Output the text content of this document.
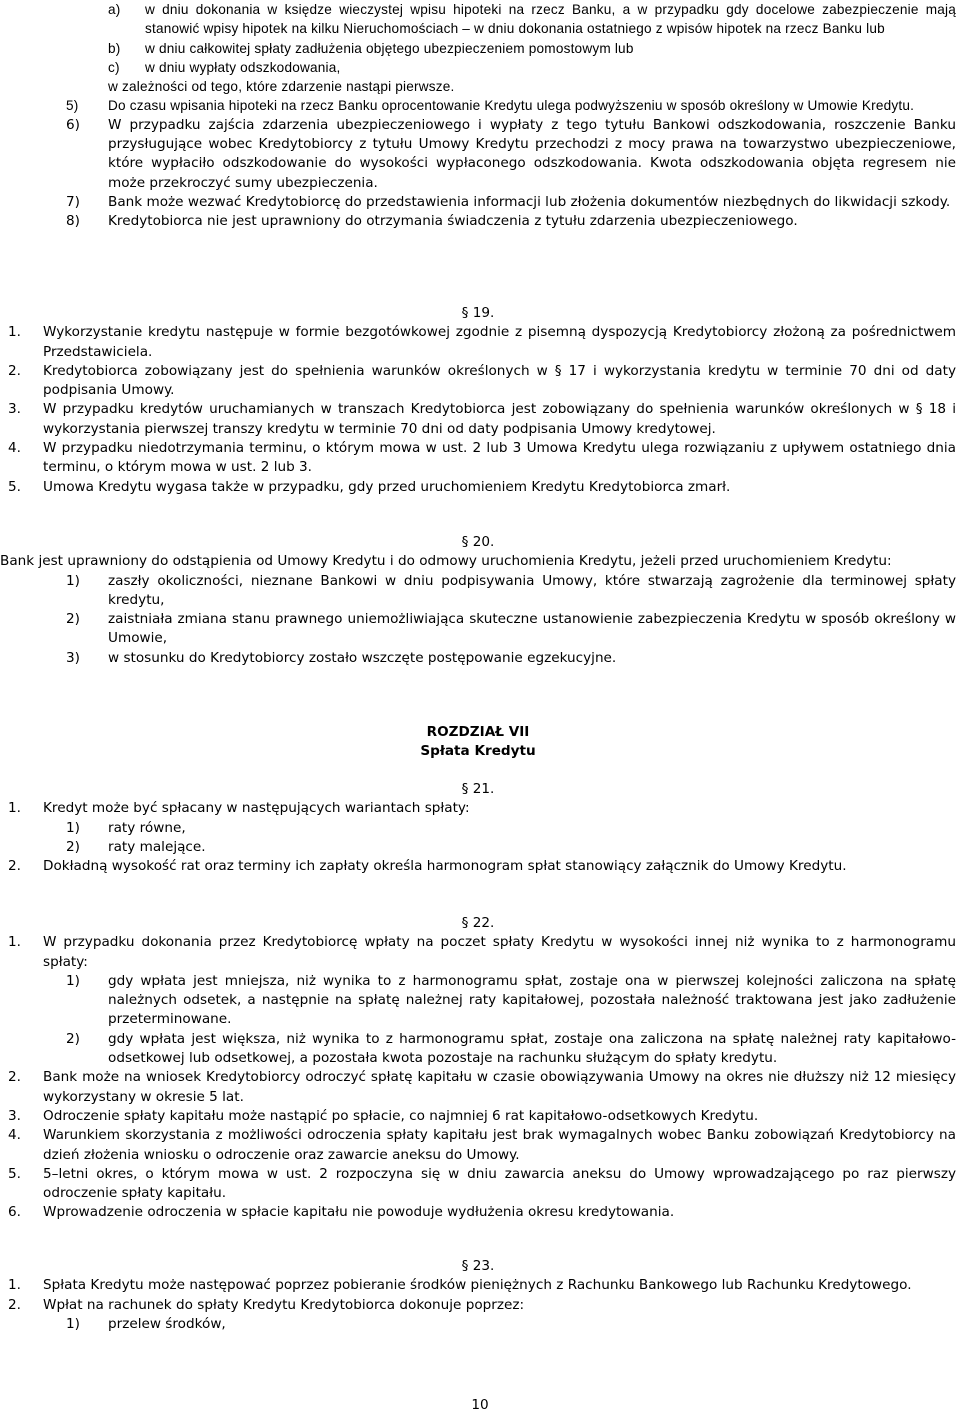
a) w dniu dokonania w księdze wieczystej wpisu hipoteki na rzecz Banku, a w przypadku gdy docelowe zabezpieczenie mają stanowić wpisy hipotek na kilku Nieruchomościach – w dniu dokonania ostatniego z wpisów hipotek na rzecz Banku lub
b) w dniu całkowitej spłaty zadłużenia objętego ubezpieczeniem pomostowym lub
c) w dniu wypłaty odszkodowania,
w zależności od tego, które zdarzenie nastąpi pierwsze.
5) Do czasu wpisania hipoteki na rzecz Banku oprocentowanie Kredytu ulega podwyższeniu w sposób określony w Umowie Kredytu.
6) W przypadku zajścia zdarzenia ubezpieczeniowego i wypłaty z tego tytułu Bankowi odszkodowania, roszczenie Banku przysługujące wobec Kredytobiorcy z tytułu Umowy Kredytu przechodzi z mocy prawa na towarzystwo ubezpieczeniowe, które wypłaciło odszkodowanie do wysokości wypłaconego odszkodowania. Kwota odszkodowania objęta regresem nie może przekroczyć sumy ubezpieczenia.
7) Bank może wezwać Kredytobiorcę do przedstawienia informacji lub złożenia dokumentów niezbędnych do likwidacji szkody.
8) Kredytobiorca nie jest uprawniony do otrzymania świadczenia z tytułu zdarzenia ubezpieczeniowego.
§ 19.
1. Wykorzystanie kredytu następuje w formie bezgotówkowej zgodnie z pisemną dyspozycją Kredytobiorcy złożoną za pośrednictwem Przedstawiciela.
2. Kredytobiorca zobowiązany jest do spełnienia warunków określonych w § 17 i wykorzystania kredytu w terminie 70 dni od daty podpisania Umowy.
3. W przypadku kredytów uruchamianych w transzach Kredytobiorca jest zobowiązany do spełnienia warunków określonych w § 18 i wykorzystania pierwszej transzy kredytu w terminie 70 dni od daty podpisania Umowy kredytowej.
4. W przypadku niedotrzymania terminu, o którym mowa w ust. 2 lub 3 Umowa Kredytu ulega rozwiązaniu z upływem ostatniego dnia terminu, o którym mowa w ust. 2 lub 3.
5. Umowa Kredytu wygasa także w przypadku, gdy przed uruchomieniem Kredytu Kredytobiorca zmarł.
§ 20.
Bank jest uprawniony do odstąpienia od Umowy Kredytu i do odmowy uruchomienia Kredytu, jeżeli przed uruchomieniem Kredytu:
1) zaszły okoliczności, nieznane Bankowi w dniu podpisywania Umowy, które stwarzają zagrożenie dla terminowej spłaty kredytu,
2) zaistniała zmiana stanu prawnego uniemożliwiająca skuteczne ustanowienie zabezpieczenia Kredytu w sposób określony w Umowie,
3) w stosunku do Kredytobiorcy zostało wszczęte postępowanie egzekucyjne.
ROZDZIAŁ VII
Spłata Kredytu
§ 21.
1. Kredyt może być spłacany w następujących wariantach spłaty:
1) raty równe,
2) raty malejące.
2. Dokładną wysokość rat oraz terminy ich zapłaty określa harmonogram spłat stanowiący załącznik do Umowy Kredytu.
§ 22.
1. W przypadku dokonania przez Kredytobiorcę wpłaty na poczet spłaty Kredytu w wysokości innej niż wynika to z harmonogramu spłaty:
1) gdy wpłata jest mniejsza, niż wynika to z harmonogramu spłat, zostaje ona w pierwszej kolejności zaliczona na spłatę należnych odsetek, a następnie na spłatę należnej raty kapitałowej, pozostała należność traktowana jest jako zadłużenie przeterminowane.
2) gdy wpłata jest większa, niż wynika to z harmonogramu spłat, zostaje ona zaliczona na spłatę należnej raty kapitałowo-odsetkowej lub odsetkowej, a pozostała kwota pozostaje na rachunku służącym do spłaty kredytu.
2. Bank może na wniosek Kredytobiorcy odroczyć spłatę kapitału w czasie obowiązywania Umowy na okres nie dłuższy niż 12 miesięcy wykorzystany w okresie 5 lat.
3. Odroczenie spłaty kapitału może nastąpić po spłacie, co najmniej 6 rat kapitałowo-odsetkowych Kredytu.
4. Warunkiem skorzystania z możliwości odroczenia spłaty kapitału jest brak wymagalnych wobec Banku zobowiązań Kredytobiorcy na dzień złożenia wniosku o odroczenie oraz zawarcie aneksu do Umowy.
5. 5–letni okres, o którym mowa w ust. 2 rozpoczyna się w dniu zawarcia aneksu do Umowy wprowadzającego po raz pierwszy odroczenie spłaty kapitału.
6. Wprowadzenie odroczenia w spłacie kapitału nie powoduje wydłużenia okresu kredytowania.
§ 23.
1. Spłata Kredytu może następować poprzez pobieranie środków pieniężnych z Rachunku Bankowego lub Rachunku Kredytowego.
2. Wpłat na rachunek do spłaty Kredytu Kredytobiorca dokonuje poprzez:
1) przelew środków,
10
